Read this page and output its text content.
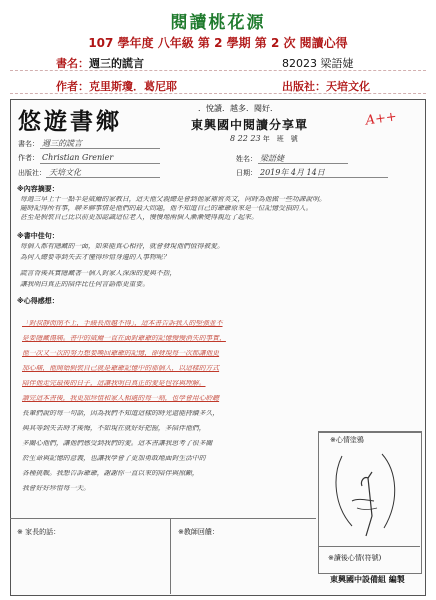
閱讀桃花源
107 學年度 八年級 第 2 學期 第 2 次 閱讀心得
書名：週三的謊言	82023 梁語婕
作者：克里斯瓊．葛尼耶	出版社：天培文化
悠遊書鄉	．悅讀．越多．閱好．
東興國中閱讀分享單
8 22 23 年　班　號
A++
書名： 週三的謊言
作者： Christian Grenier	姓名： 梁語婕
出版社： 天培文化	日期： 2019年 4月 14日
※內容摘要：
每週三早上十一點半是威爾的家教日，這天他父親總是會到他家補習英文，同時為他做一些功課說明。
隨時記得所有事，聊多聊事情是他們的最大問題，他不知道自己的爺爺原來是一位記憶受損的人。
甚至是假裝自己比以前更加認識這位老人，慢慢地兩個人漸漸變得親近了起來。
※書中佳句：
每個人都有隱藏的一面，如果能真心相待，就會發現他們值得被愛。
為何人總要等到失去才懂得珍惜身邊的人事物呢？
謊言背後其實隱藏著一個人對家人深深的愛與不捨，
讓我明白真正的陪伴比任何言語都更重要。
※心得感想：
「對叔靜而閉不上，手緩長而越不得」，這本書告訴我人的堅強並不
是要隱藏傷痛。書中的威爾一直在面對爺爺的記憶慢慢消失的事實，
他一次又一次的努力想要喚回爺爺的記憶，卻發現每一次都讓他更
加心痛，他開始假裝自己就是爺爺記憶中的那個人，以這樣的方式
陪伴他走完最後的日子，這讓我明白真正的愛是包容與理解。
讀完這本書後，我更加珍惜和家人相處的每一刻，也學會用心聆聽
長輩們說的每一句話，因為我們不知道這樣的時光還能持續多久，
與其等到失去時才後悔，不如現在就好好把握，多陪伴他們，
多關心他們，讓他們感受到我們的愛。這本書讓我思考了很多關
於生命與記憶的意義，也讓我學會了更加勇敢地面對生活中的
各種挑戰。我想告訴爺爺，謝謝你一直以來的陪伴與照顧，
我會好好珍惜每一天。
※心情塗鴉
※讀後心情(符號)
※ 家長的話：	※教師回饋：
東興國中設備組 編製
